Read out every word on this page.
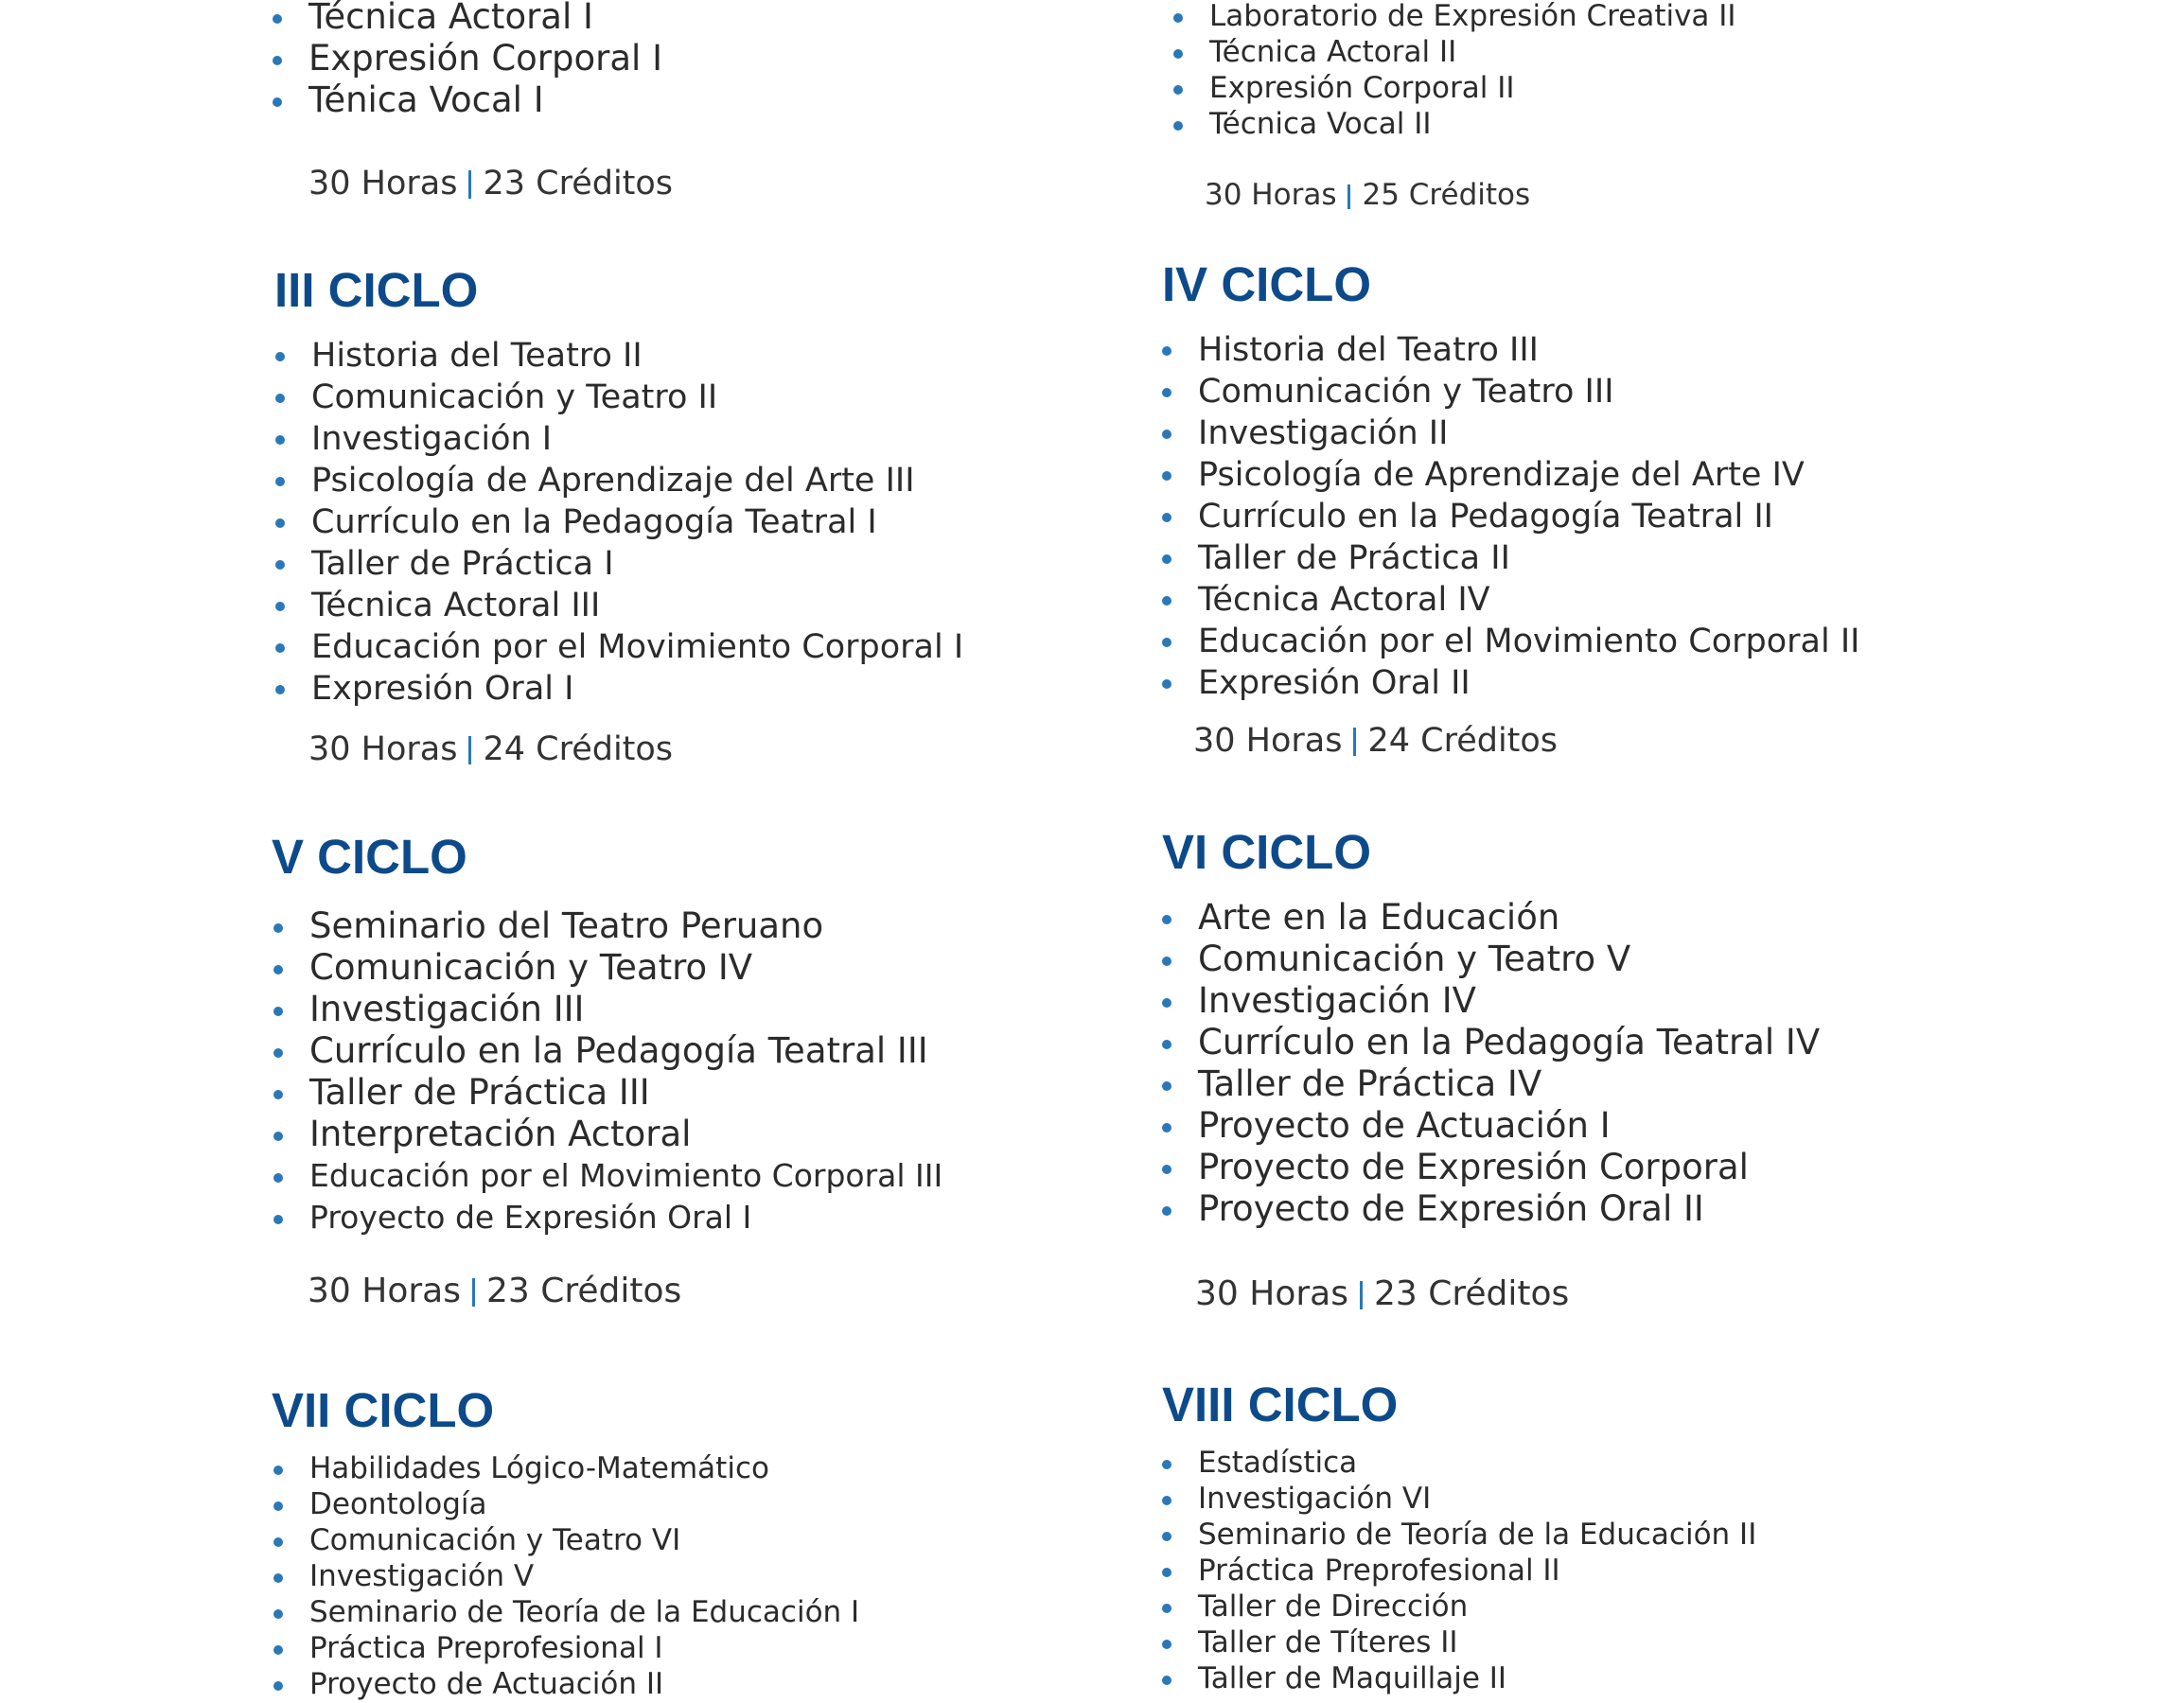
Técnica Actoral I
Expresión Corporal I
Ténica Vocal I
30 Horas 23 Créditos
Laboratorio de Expresión Creativa II
Técnica Actoral II
Expresión Corporal II
Técnica Vocal II
30 Horas 25 Créditos
III CICLO
Historia del Teatro II
Comunicación y Teatro II
Investigación I
Psicología de Aprendizaje del Arte III
Currículo en la Pedagogía Teatral I
Taller de Práctica I
Técnica Actoral III
Educación por el Movimiento Corporal I
Expresión Oral I
30 Horas 24 Créditos
IV CICLO
Historia del Teatro III
Comunicación y Teatro III
Investigación II
Psicología de Aprendizaje del Arte IV
Currículo en la Pedagogía Teatral II
Taller de Práctica II
Técnica Actoral IV
Educación por el Movimiento Corporal II
Expresión Oral II
30 Horas 24 Créditos
V CICLO
Seminario del Teatro Peruano
Comunicación y Teatro IV
Investigación III
Currículo en la Pedagogía Teatral III
Taller de Práctica III
Interpretación Actoral
Educación por el Movimiento Corporal III
Proyecto de Expresión Oral I
30 Horas 23 Créditos
VI CICLO
Arte en la Educación
Comunicación y Teatro V
Investigación IV
Currículo en la Pedagogía Teatral IV
Taller de Práctica IV
Proyecto de Actuación I
Proyecto de Expresión Corporal
Proyecto de Expresión Oral II
30 Horas 23 Créditos
VII CICLO
Habilidades Lógico-Matemático
Deontología
Comunicación y Teatro VI
Investigación V
Seminario de Teoría de la Educación I
Práctica Preprofesional I
Proyecto de Actuación II
VIII CICLO
Estadística
Investigación VI
Seminario de Teoría de la Educación II
Práctica Preprofesional II
Taller de Dirección
Taller de Títeres II
Taller de Maquillaje II
